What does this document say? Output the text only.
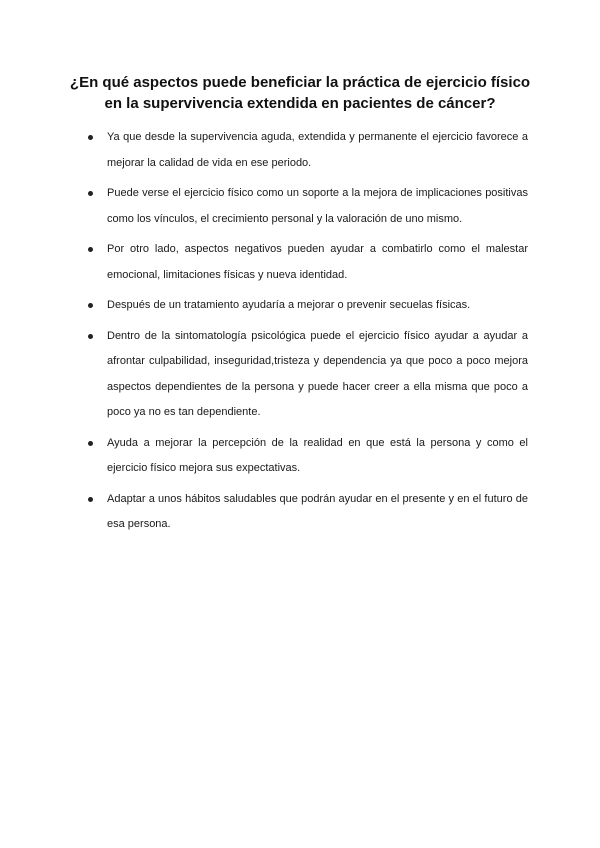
¿En qué aspectos puede beneficiar la práctica de ejercicio físico en la supervivencia extendida en pacientes de cáncer?
Ya que desde la supervivencia aguda, extendida y permanente el ejercicio favorece a mejorar la calidad de vida en ese periodo.
Puede verse el ejercicio físico como un soporte a la mejora de implicaciones positivas como los vínculos, el crecimiento personal y la valoración de uno mismo.
Por otro lado, aspectos negativos pueden ayudar a combatirlo como el malestar emocional, limitaciones físicas y nueva identidad.
Después de un tratamiento ayudaría a mejorar o prevenir secuelas físicas.
Dentro de la sintomatología psicológica puede el ejercicio físico ayudar a ayudar a afrontar culpabilidad, inseguridad,tristeza y dependencia ya que poco a poco mejora aspectos dependientes de la persona y puede hacer creer a ella misma que poco a poco ya no es tan dependiente.
Ayuda a mejorar la percepción de la realidad en que está la persona y como el ejercicio físico mejora sus expectativas.
Adaptar a unos hábitos saludables que podrán ayudar en el presente y en el futuro de esa persona.
